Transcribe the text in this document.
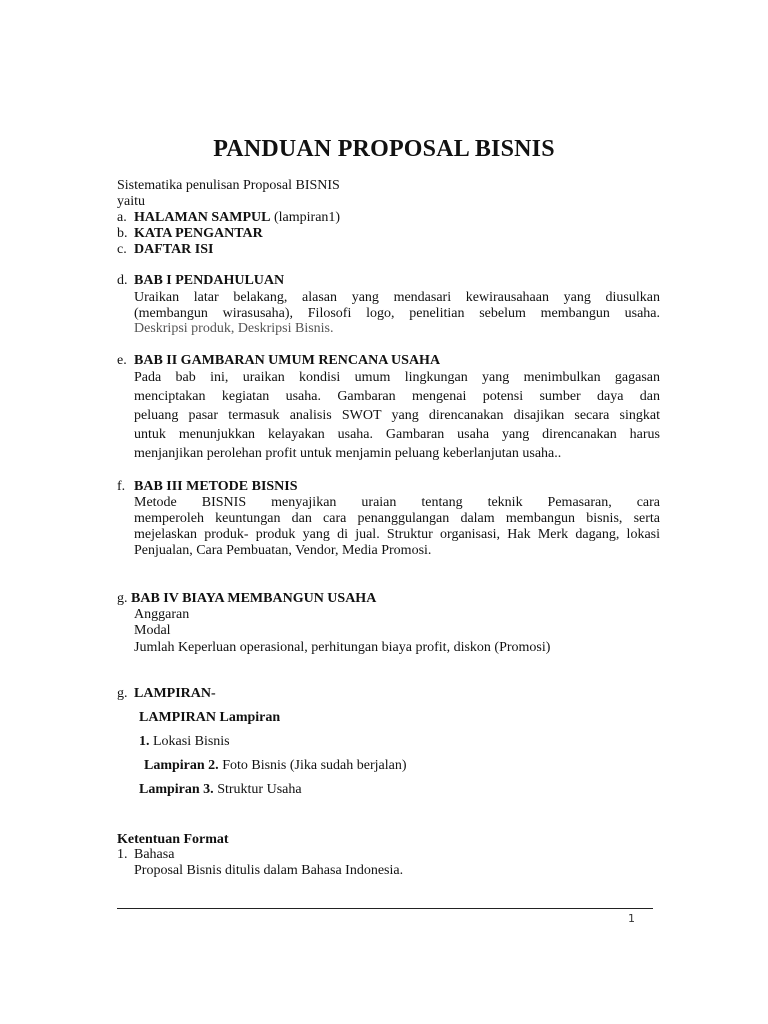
PANDUAN PROPOSAL BISNIS
Sistematika penulisan Proposal BISNIS
yaitu
a. HALAMAN SAMPUL (lampiran1)
b. KATA PENGANTAR
c. DAFTAR ISI
d. BAB I PENDAHULUAN
Uraikan latar belakang, alasan yang mendasari kewirausahaan yang diusulkan
(membangun wirasusaha), Filosofi logo, penelitian sebelum membangun usaha.
Deskripsi produk, Deskripsi Bisnis.
e. BAB II GAMBARAN UMUM RENCANA USAHA
Pada bab ini, uraikan kondisi umum lingkungan yang menimbulkan gagasan
menciptakan kegiatan usaha. Gambaran mengenai potensi sumber daya dan
peluang pasar termasuk analisis SWOT yang direncanakan disajikan secara singkat
untuk menunjukkan kelayakan usaha. Gambaran usaha yang direncanakan harus
menjanjikan perolehan profit untuk menjamin peluang keberlanjutan usaha..
f. BAB III METODE BISNIS
Metode BISNIS menyajikan uraian tentang teknik Pemasaran, cara
memperoleh keuntungan dan cara penanggulangan dalam membangun bisnis, serta
mejelaskan produk- produk yang di jual. Struktur organisasi, Hak Merk dagang, lokasi
Penjualan, Cara Pembuatan, Vendor, Media Promosi.
g. BAB IV BIAYA MEMBANGUN USAHA
Anggaran
Modal
Jumlah Keperluan operasional, perhitungan biaya profit, diskon (Promosi)
g. LAMPIRAN-
LAMPIRAN Lampiran
1. Lokasi Bisnis
Lampiran 2. Foto Bisnis (Jika sudah berjalan)
Lampiran 3. Struktur Usaha
Ketentuan Format
1. Bahasa
Proposal Bisnis ditulis dalam Bahasa Indonesia.
1
